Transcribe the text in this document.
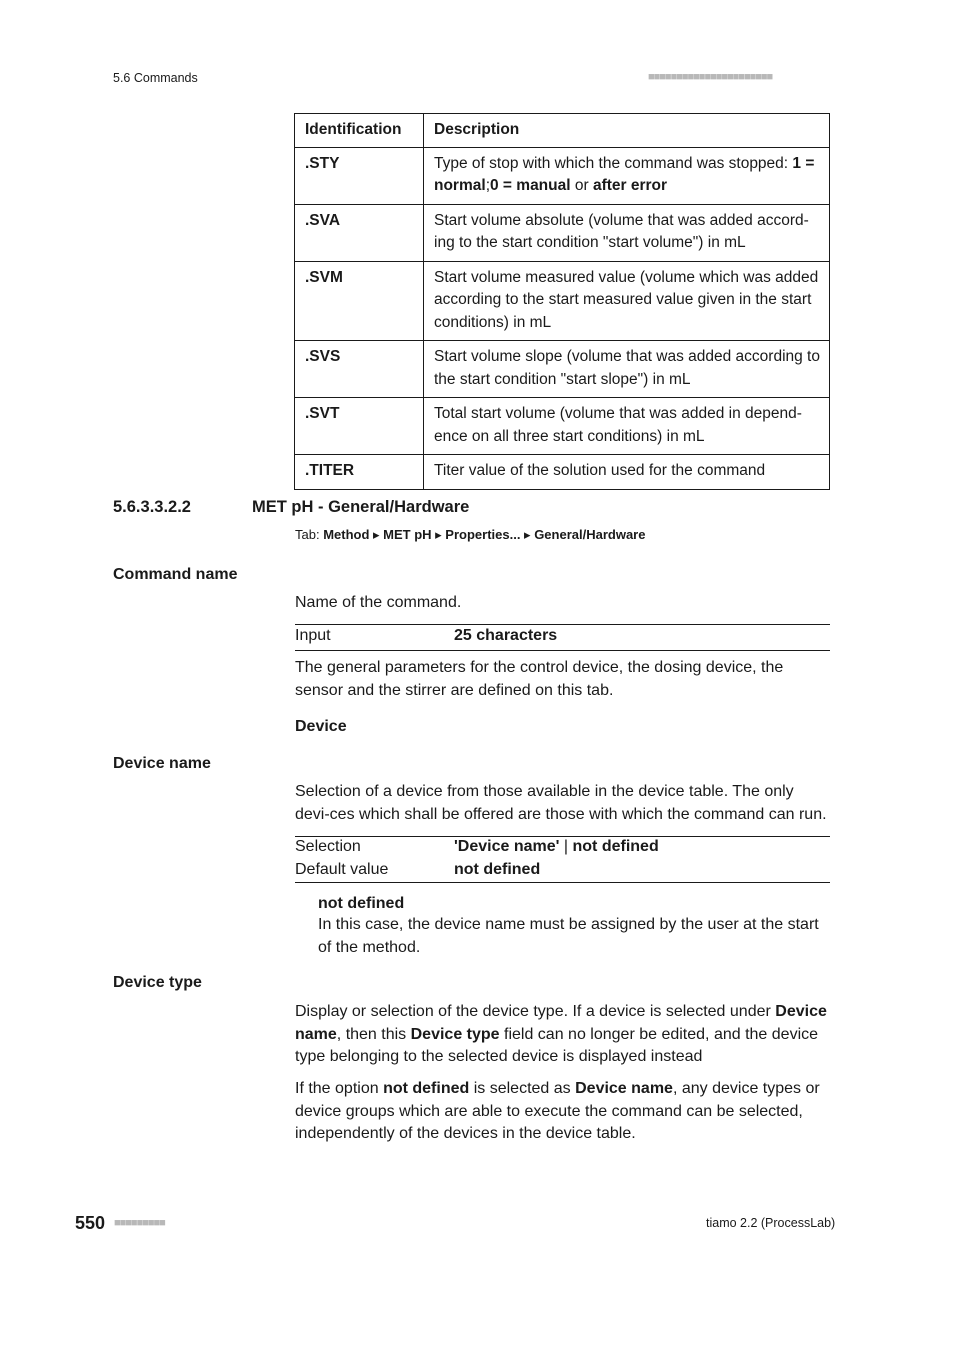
5.6 Commands	■■■■■■■■■■■■■■■■■■■■■■
Identification	Description
.STY	Type of stop with which the command was stopped: 1 = normal;0 = manual or after error
.SVA	Start volume absolute (volume that was added accord-ing to the start condition "start volume") in mL
.SVM	Start volume measured value (volume which was added according to the start measured value given in the start conditions) in mL
.SVS	Start volume slope (volume that was added according to the start condition "start slope") in mL
.SVT	Total start volume (volume that was added in depend-ence on all three start conditions) in mL
.TITER	Titer value of the solution used for the command
5.6.3.3.2.2	MET pH - General/Hardware
Tab: Method ▸ MET pH ▸ Properties... ▸ General/Hardware
Command name
Name of the command.
Input	25 characters
The general parameters for the control device, the dosing device, the sensor and the stirrer are defined on this tab.
Device
Device name
Selection of a device from those available in the device table. The only devi-ces which shall be offered are those with which the command can run.
Selection	'Device name' | not defined
Default value	not defined
not defined
In this case, the device name must be assigned by the user at the start of the method.
Device type
Display or selection of the device type. If a device is selected under Device name, then this Device type field can no longer be edited, and the device type belonging to the selected device is displayed instead
If the option not defined is selected as Device name, any device types or device groups which are able to execute the command can be selected, independently of the devices in the device table.
550 ■■■■■■■■■	tiamo 2.2 (ProcessLab)
